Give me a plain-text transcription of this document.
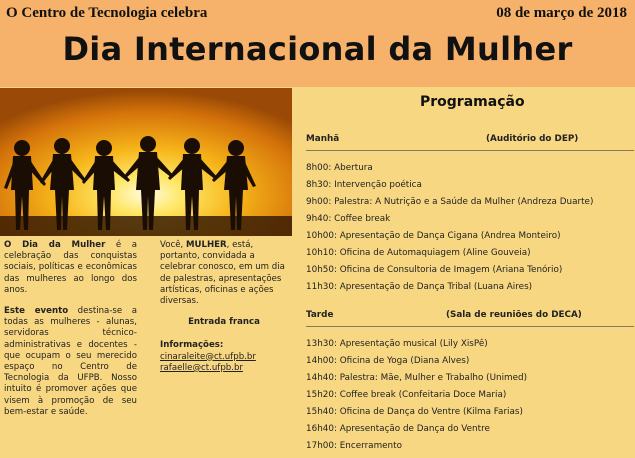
O Centro de Tecnologia celebra	08 de março de 2018
Dia Internacional da Mulher

O Dia da Mulher é a celebração das conquistas sociais, políticas e econômicas das mulheres ao longo dos anos.

Este evento destina-se a todas as mulheres - alunas, servidoras técnico-administrativas e docentes - que ocupam o seu merecido espaço no Centro de Tecnologia da UFPB. Nosso intuito é promover ações que visem à promoção de seu bem-estar e saúde.

Você, MULHER, está, portanto, convidada a celebrar conosco, em um dia de palestras, apresentações artísticas, oficinas e ações diversas.

Entrada franca
Informações:
cinaraleite@ct.ufpb.br
rafaelle@ct.ufpb.br
Programação
Manhã	(Auditório do DEP)
8h00: Abertura
8h30: Intervenção poética
9h00: Palestra: A Nutrição e a Saúde da Mulher (Andreza Duarte)
9h40: Coffee break
10h00: Apresentação de Dança Cigana (Andrea Monteiro)
10h10: Oficina de Automaquiagem (Aline Gouveia)
10h50: Oficina de Consultoria de Imagem (Ariana Tenório)
11h30: Apresentação de Dança Tribal (Luana Aires)
Tarde	(Sala de reuniões do DECA)
13h30: Apresentação musical (Lily XisPê)
14h00: Oficina de Yoga (Diana Alves)
14h40: Palestra: Mãe, Mulher e Trabalho (Unimed)
15h20: Coffee break (Confeitaria Doce Maria)
15h40: Oficina de Dança do Ventre (Kilma Farias)
16h40: Apresentação de Dança do Ventre
17h00: Encerramento
